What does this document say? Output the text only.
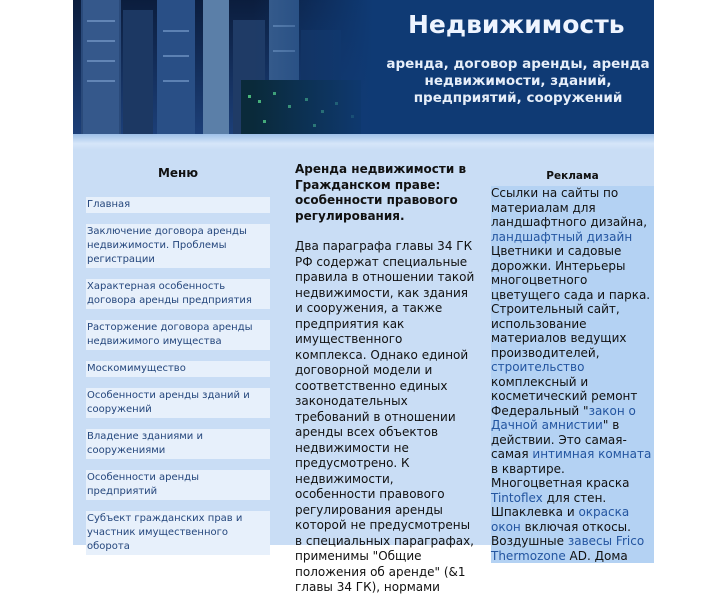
Недвижимость
аренда, договор аренды, аренда недвижимости, зданий, предприятий, сооружений
Меню
Главная
Заключение договора аренды недвижимости. Проблемы регистрации
Характерная особенность договора аренды предприятия
Расторжение договора аренды недвижимого имущества
Москомимущество
Особенности аренды зданий и сооружений
Владение зданиями и сооружениями
Особенности аренды предприятий
Субъект гражданских прав и участник имущественного оборота
Аренда недвижимости в Гражданском праве: особенности правового регулирования.
Два параграфа главы 34 ГК РФ содержат специальные правила в отношении такой недвижимости, как здания и сооружения, а также предприятия как имущественного комплекса. Однако единой договорной модели и соответственно единых законодательных требований в отношении аренды всех объектов недвижимости не предусмотрено. К недвижимости, особенности правового регулирования аренды которой не предусмотрены в специальных параграфах, применимы "Общие положения об аренде" (&1 главы 34 ГК), нормами
Реклама
Ссылки на сайты по материалам для ландшафтного дизайна, ландшафтный дизайн Цветники и садовые дорожки. Интерьеры многоцветного цветущего сада и парка. Строительный сайт, использование материалов ведущих производителей, строительство комплексный и косметический ремонт Федеральный "закон о Дачной амнистии" в действии. Это самая-самая интимная комната в квартире. Многоцветная краска Tintoflex для стен. Шпаклевка и окраска окон включая откосы. Воздушные завесы Frico Thermozone AD. Дома
